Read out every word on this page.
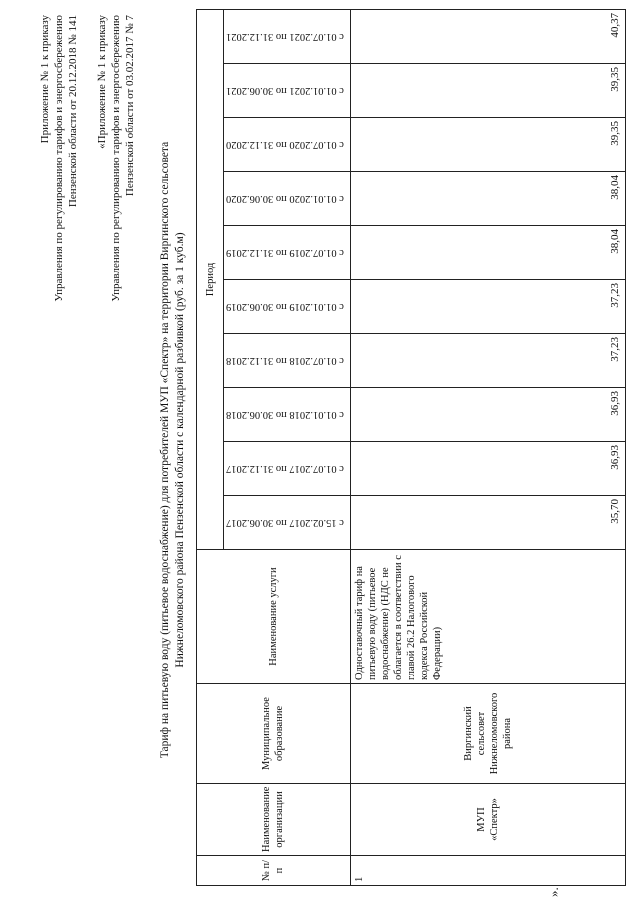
Приложение № 1 к приказу Управления по регулированию тарифов и энергосбережению Пензенской области от 20.12.2018 № 141 «Приложение № 1 к приказу Управления по регулированию тарифов и энергосбережению Пензенской области от 03.02.2017 № 7
Тариф на питьевую воду (питьевое водоснабжение) для потребителей МУП «Спектр» на территории Виргинского сельсовета Нижнеломовского района Пензенской области с календарной разбивкой (руб. за 1 куб.м)
№ п/п	Наименование организации	Муниципальное образование	Наименование услуги	Период									
				с 15.02.2017 по 30.06.2017	с 01.07.2017 по 31.12.2017	с 01.01.2018 по 30.06.2018	с 01.07.2018 по 31.12.2018	с 01.01.2019 по 30.06.2019	с 01.07.2019 по 31.12.2019	с 01.01.2020 по 30.06.2020	с 01.07.2020 по 31.12.2020	с 01.01.2021 по 30.06.2021	с 01.07.2021 по 31.12.2021
1	МУП «Спектр»	Виргинский сельсовет Нижнеломовского района	Одноставочный тариф на питьевую воду (питьевое водоснабжение) (НДС не облагается в соответствии с главой 26.2 Налогового кодекса Российской Федерации)	35,70	36,93	36,93	37,23	37,23	38,04	38,04	39,35	39,35	40,37
».
